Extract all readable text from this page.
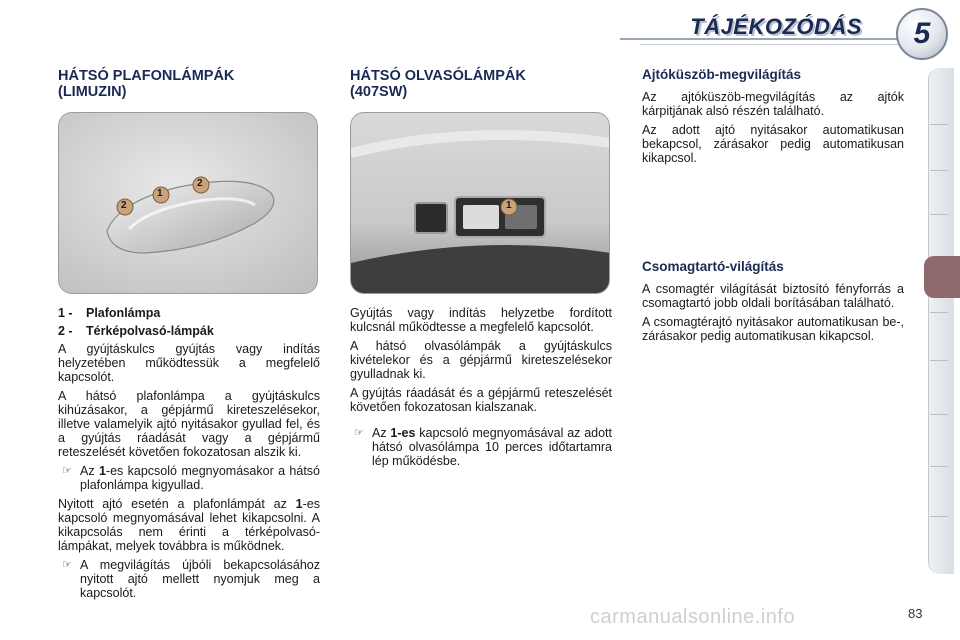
TÁJÉKOZÓDÁS 5
HÁTSÓ PLAFONLÁMPÁK
(LIMUZIN)
2
1
2
1 - Plafonlámpa
2 - Térképolvasó-lámpák

A gyújtáskulcs gyújtás vagy indítás helyzetében működtessük a megfelelő kapcsolót.

A hátsó plafonlámpa a gyújtáskulcs kihúzásakor, a gépjármű kireteszelésekor, illetve valamelyik ajtó nyitásakor gyullad fel, és a gyújtás ráadását vagy a gépjármű reteszelését követően fokozatosan alszik ki.

☞ Az 1-es kapcsoló megnyomásakor a hátsó plafonlámpa kigyullad.

Nyitott ajtó esetén a plafonlámpát az 1-es kapcsoló megnyomásával lehet kikapcsolni. A kikapcsolás nem érinti a térképolvasó-lámpákat, melyek továbbra is működnek.

☞ A megvilágítás újbóli bekapcsolásához nyitott ajtó mellett nyomjuk meg a kapcsolót.

HÁTSÓ OLVASÓLÁMPÁK
(407SW)
1

Gyújtás vagy indítás helyzetbe fordított kulcsnál működtesse a megfelelő kapcsolót.

A hátsó olvasólámpák a gyújtáskulcs kivételekor és a gépjármű kireteszelésekor gyulladnak ki.

A gyújtás ráadását és a gépjármű reteszelését követően fokozatosan kialszanak.

☞ Az 1-es kapcsoló megnyomásával az adott hátsó olvasólámpa 10 perces időtartamra lép működésbe.

Ajtóküszöb-megvilágítás

Az ajtóküszöb-megvilágítás az ajtók kárpitjának alsó részén található.

Az adott ajtó nyitásakor automatikusan bekapcsol, zárásakor pedig automatikusan kikapcsol.

Csomagtartó-világítás

A csomagtér világítását biztosító fényforrás a csomagtartó jobb oldali borításában található.

A csomagtérajtó nyitásakor automatikusan be-, zárásakor pedig automatikusan kikapcsol.

carmanualsonline.info	83
